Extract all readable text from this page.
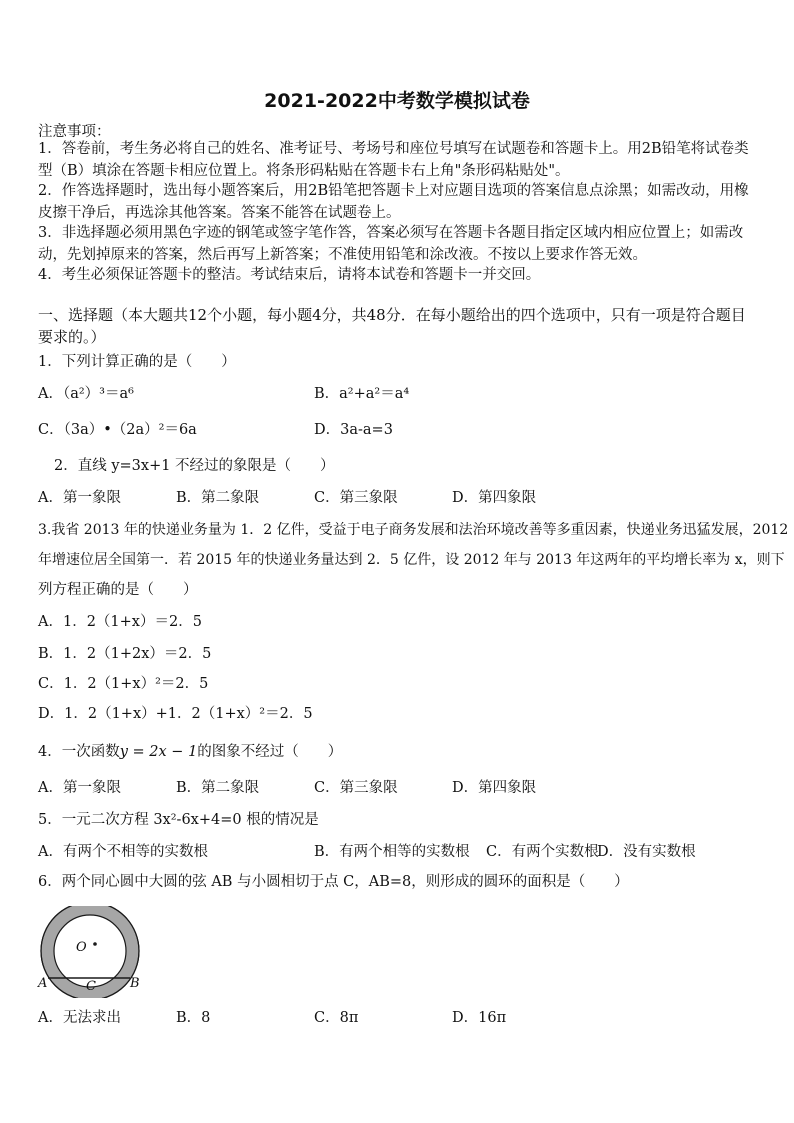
2021-2022中考数学模拟试卷
注意事项：
1．答卷前，考生务必将自己的姓名、准考证号、考场号和座位号填写在试题卷和答题卡上。用2B铅笔将试卷类型（B）填涂在答题卡相应位置上。将条形码粘贴在答题卡右上角"条形码粘贴处"。
2．作答选择题时，选出每小题答案后，用2B铅笔把答题卡上对应题目选项的答案信息点涂黑；如需改动，用橡皮擦干净后，再选涂其他答案。答案不能答在试题卷上。
3．非选择题必须用黑色字迹的钢笔或签字笔作答，答案必须写在答题卡各题目指定区域内相应位置上；如需改动，先划掉原来的答案，然后再写上新答案；不准使用铅笔和涂改液。不按以上要求作答无效。
4．考生必须保证答题卡的整洁。考试结束后，请将本试卷和答题卡一并交回。
一、选择题（本大题共12个小题，每小题4分，共48分．在每小题给出的四个选项中，只有一项是符合题目要求的。）
1．下列计算正确的是（　　）
A．（a²）³＝a⁶	B．a²+a²＝a⁴
C．（3a）•（2a）²＝6a	D．3a-a=3
2．直线 y=3x+1 不经过的象限是（　　）
A．第一象限	B．第二象限	C．第三象限	D．第四象限
3.我省 2013 年的快递业务量为 1．2 亿件，受益于电子商务发展和法治环境改善等多重因素，快递业务迅猛发展，2012
年增速位居全国第一．若 2015 年的快递业务量达到 2．5 亿件，设 2012 年与 2013 年这两年的平均增长率为 x，则下
列方程正确的是（　　）
A．1．2（1+x）＝2．5
B．1．2（1+2x）＝2．5
C．1．2（1+x）²＝2．5
D．1．2（1+x）+1．2（1+x）²＝2．5
4．一次函数y = 2x − 1的图象不经过（　　）
A．第一象限	B．第二象限	C．第三象限	D．第四象限
5．一元二次方程 3x²-6x+4=0 根的情况是
A．有两个不相等的实数根	B．有两个相等的实数根 C．有两个实数根
D．没有实数根
6．两个同心圆中大圆的弦 AB 与小圆相切于点 C，AB=8，则形成的圆环的面积是（　　）
O
A	B
C
A．无法求出	B．8	C．8π	D．16π
